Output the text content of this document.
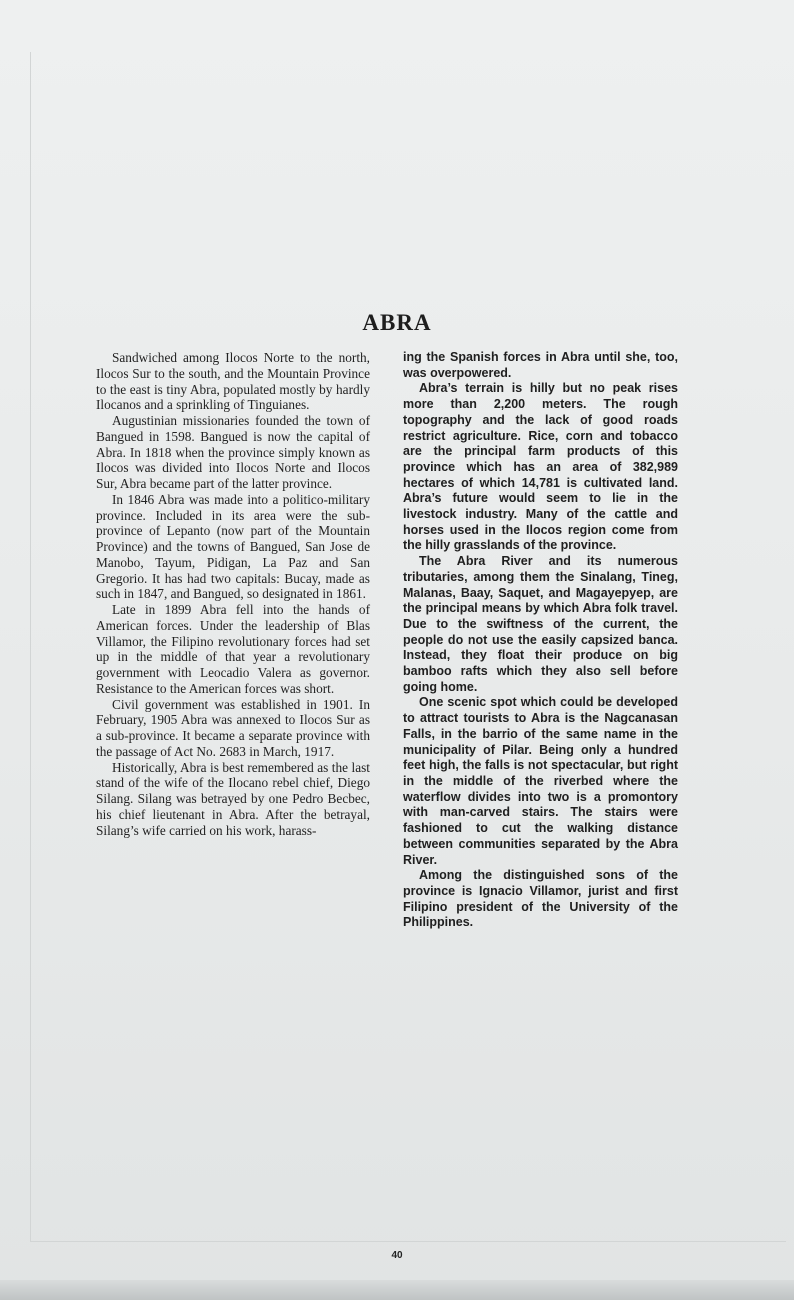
ABRA

Sandwiched among Ilocos Norte to the north, Ilocos Sur to the south, and the Mountain Province to the east is tiny Abra, populated mostly by hardly Ilocanos and a sprinkling of Tinguianes.

Augustinian missionaries founded the town of Bangued in 1598. Bangued is now the capital of Abra. In 1818 when the province simply known as Ilocos was divided into Ilocos Norte and Ilocos Sur, Abra became part of the latter province.

In 1846 Abra was made into a politico-military province. Included in its area were the sub-province of Lepanto (now part of the Mountain Province) and the towns of Bangued, San Jose de Manobo, Tayum, Pidigan, La Paz and San Gregorio. It has had two capitals: Bucay, made as such in 1847, and Bangued, so designated in 1861.

Late in 1899 Abra fell into the hands of American forces. Under the leadership of Blas Villamor, the Filipino revolutionary forces had set up in the middle of that year a revolutionary government with Leocadio Valera as governor. Resistance to the American forces was short.

Civil government was established in 1901. In February, 1905 Abra was annexed to Ilocos Sur as a sub-province. It became a separate province with the passage of Act No. 2683 in March, 1917.

Historically, Abra is best remembered as the last stand of the wife of the Ilocano rebel chief, Diego Silang. Silang was betrayed by one Pedro Becbec, his chief lieutenant in Abra. After the betrayal, Silang’s wife carried on his work, harass-

ing the Spanish forces in Abra until she, too, was overpowered.

Abra’s terrain is hilly but no peak rises more than 2,200 meters. The rough topography and the lack of good roads restrict agriculture. Rice, corn and tobacco are the principal farm products of this province which has an area of 382,989 hectares of which 14,781 is cultivated land. Abra’s future would seem to lie in the livestock industry. Many of the cattle and horses used in the Ilocos region come from the hilly grasslands of the province.

The Abra River and its numerous tributaries, among them the Sinalang, Tineg, Malanas, Baay, Saquet, and Magayepyep, are the principal means by which Abra folk travel. Due to the swiftness of the current, the people do not use the easily capsized banca. Instead, they float their produce on big bamboo rafts which they also sell before going home.

One scenic spot which could be developed to attract tourists to Abra is the Nagcanasan Falls, in the barrio of the same name in the municipality of Pilar. Being only a hundred feet high, the falls is not spectacular, but right in the middle of the riverbed where the waterflow divides into two is a promontory with man-carved stairs. The stairs were fashioned to cut the walking distance between communities separated by the Abra River.

Among the distinguished sons of the province is Ignacio Villamor, jurist and first Filipino president of the University of the Philippines.

40
